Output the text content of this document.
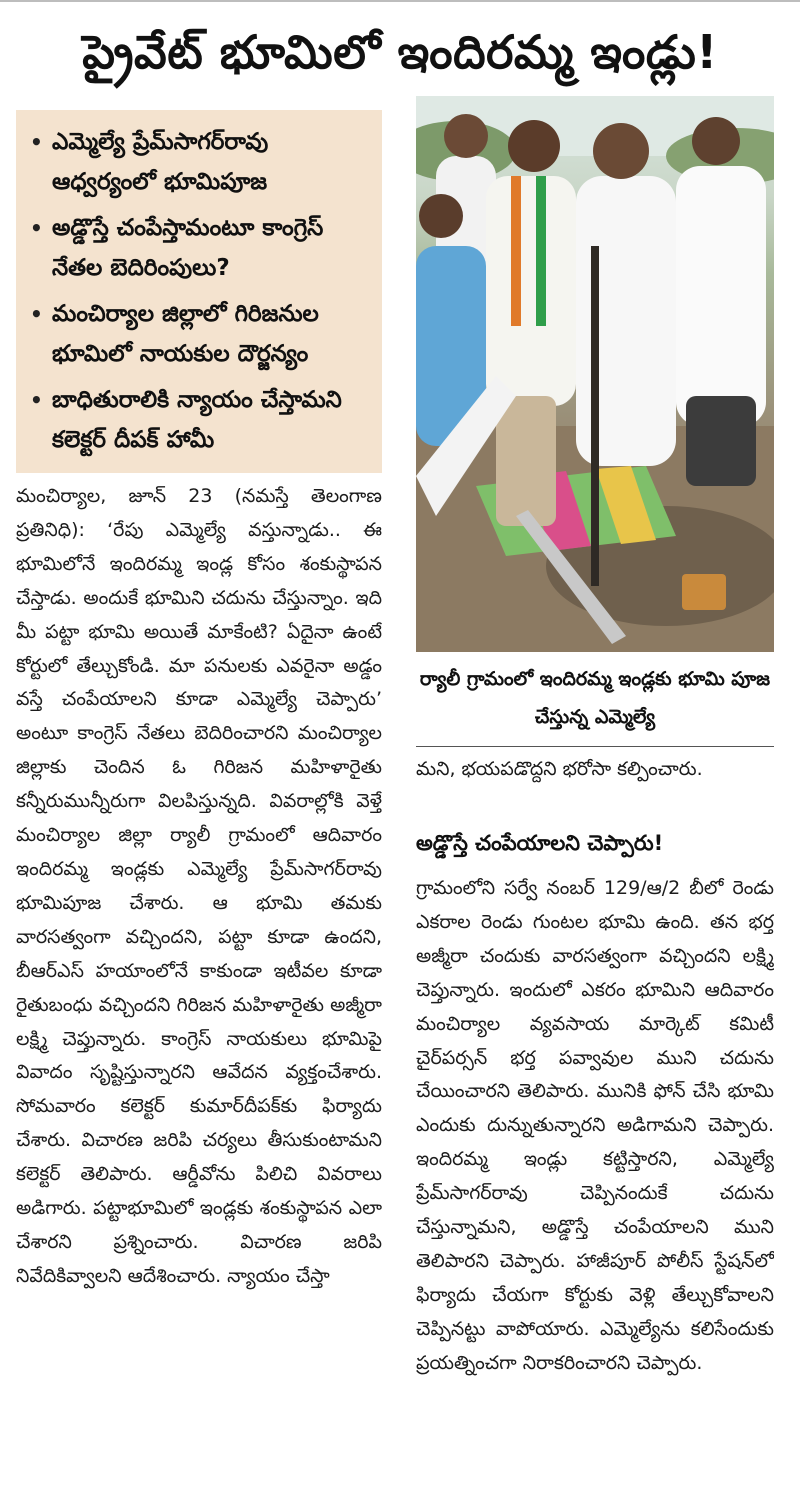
ప్రైవేట్ భూమిలో ఇందిరమ్మ ఇండ్లు!
• ఎమ్మెల్యే ప్రేమ్‌సాగర్‌రావు ఆధ్వర్యంలో భూమిపూజ
• అడ్డొస్తే చంపేస్తామంటూ కాంగ్రెస్ నేతల బెదిరింపులు?
• మంచిర్యాల జిల్లాలో గిరిజనుల భూమిలో నాయకుల దౌర్జన్యం
• బాధితురాలికి న్యాయం చేస్తామని కలెక్టర్ దీపక్ హామీ

మంచిర్యాల, జూన్ 23 (నమస్తే తెలంగాణ ప్రతినిధి): ‘రేపు ఎమ్మెల్యే వస్తున్నాడు.. ఈ భూమిలోనే ఇందిరమ్మ ఇండ్ల కోసం శంకుస్థాపన చేస్తాడు. అందుకే భూమిని చదును చేస్తున్నాం. ఇది మీ పట్టా భూమి అయితే మాకేంటి? ఏదైనా ఉంటే కోర్టులో తేల్చుకోండి. మా పనులకు ఎవరైనా అడ్డం వస్తే చంపేయాలని కూడా ఎమ్మెల్యే చెప్పారు’ అంటూ కాంగ్రెస్ నేతలు బెదిరించారని మంచిర్యాల జిల్లాకు చెందిన ఓ గిరిజన మహిళారైతు కన్నీరుమున్నీరుగా విలపిస్తున్నది. వివరాల్లోకి వెళ్తే మంచిర్యాల జిల్లా ర్యాలీ గ్రామంలో ఆదివారం ఇందిరమ్మ ఇండ్లకు ఎమ్మెల్యే ప్రేమ్‌సాగర్‌రావు భూమిపూజ చేశారు. ఆ భూమి తమకు వారసత్వంగా వచ్చిందని, పట్టా కూడా ఉందని, బీఆర్‌ఎస్ హయాంలోనే కాకుండా ఇటీవల కూడా రైతుబంధు వచ్చిందని గిరిజన మహిళారైతు అజ్మీరా లక్ష్మి చెప్తున్నారు. కాంగ్రెస్ నాయకులు భూమిపై వివాదం సృష్టిస్తున్నారని ఆవేదన వ్యక్తంచేశారు. సోమవారం కలెక్టర్ కుమార్‌దీపక్‌కు ఫిర్యాదు చేశారు. విచారణ జరిపి చర్యలు తీసుకుంటామని కలెక్టర్ తెలిపారు. ఆర్డీవోను పిలిచి వివరాలు అడిగారు. పట్టాభూమిలో ఇండ్లకు శంకుస్థాపన ఎలా చేశారని ప్రశ్నించారు. విచారణ జరిపి నివేదికివ్వాలని ఆదేశించారు. న్యాయం చేస్తా

ర్యాలీ గ్రామంలో ఇందిరమ్మ ఇండ్లకు భూమి పూజ చేస్తున్న ఎమ్మెల్యే
మని, భయపడొద్దని భరోసా కల్పించారు.
అడ్డొస్తే చంపేయాలని చెప్పారు!

గ్రామంలోని సర్వే నంబర్ 129/ఆ/2 బీలో రెండు ఎకరాల రెండు గుంటల భూమి ఉంది. తన భర్త అజ్మీరా చందుకు వారసత్వంగా వచ్చిందని లక్ష్మి చెప్తున్నారు. ఇందులో ఎకరం భూమిని ఆదివారం మంచిర్యాల వ్యవసాయ మార్కెట్ కమిటీ చైర్‌పర్సన్ భర్త పవ్వావుల ముని చదును చేయించారని తెలిపారు. మునికి ఫోన్ చేసి భూమి ఎందుకు దున్నుతున్నారని అడిగామని చెప్పారు. ఇందిరమ్మ ఇండ్లు కట్టిస్తారని, ఎమ్మెల్యే ప్రేమ్‌సాగర్‌రావు చెప్పినందుకే చదును చేస్తున్నామని, అడ్డొస్తే చంపేయాలని ముని తెలిపారని చెప్పారు. హాజీపూర్ పోలీస్ స్టేషన్‌లో ఫిర్యాదు చేయగా కోర్టుకు వెళ్లి తేల్చుకోవాలని చెప్పినట్టు వాపోయారు. ఎమ్మెల్యేను కలిసేందుకు ప్రయత్నించగా నిరాకరించారని చెప్పారు.
